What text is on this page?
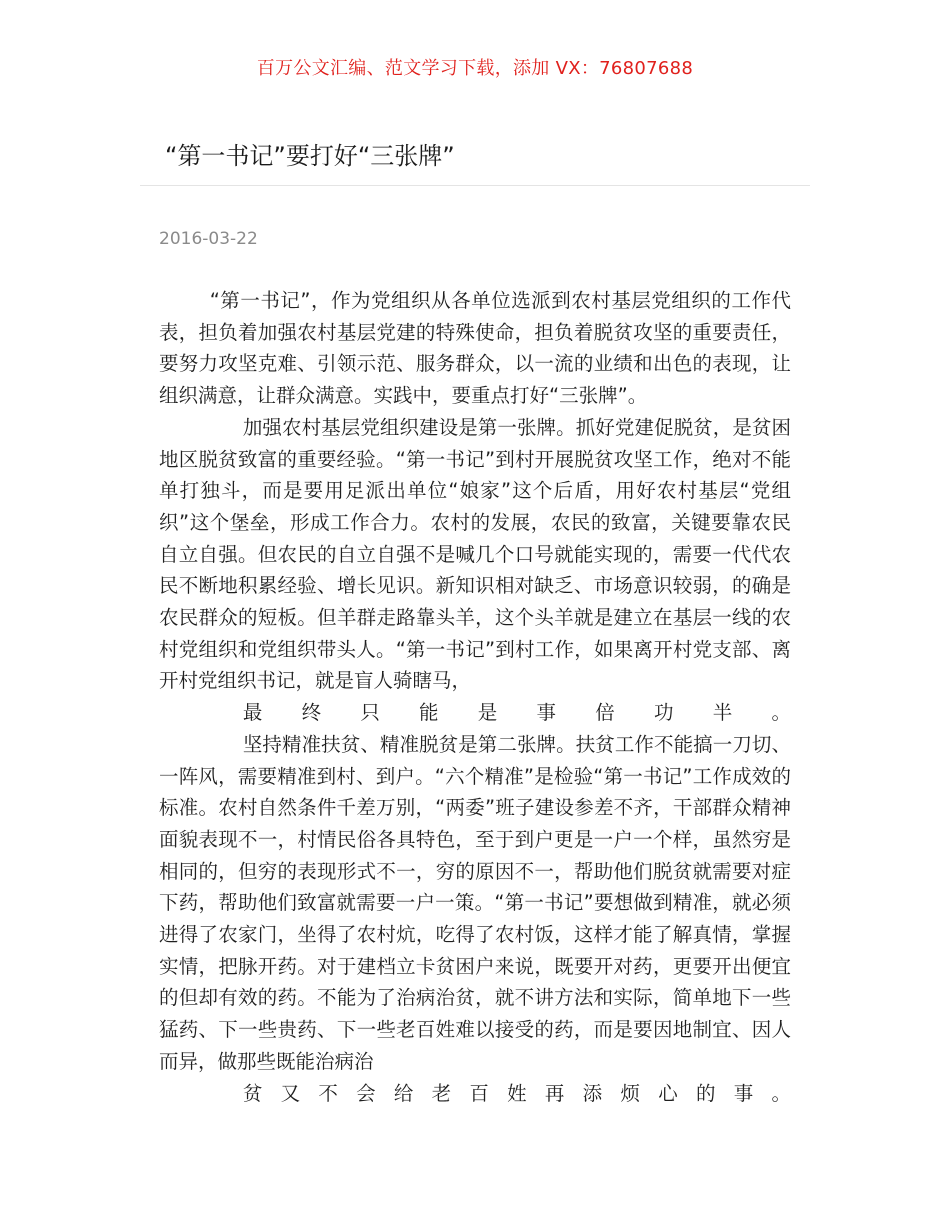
百万公文汇编、范文学习下载，添加 VX：76807688
“第一书记”要打好“三张牌”
2016-03-22

“第一书记”，作为党组织从各单位选派到农村基层党组织的工作代表，担负着加强农村基层党建的特殊使命，担负着脱贫攻坚的重要责任，要努力攻坚克难、引领示范、服务群众，以一流的业绩和出色的表现，让组织满意，让群众满意。实践中，要重点打好“三张牌”。

加强农村基层党组织建设是第一张牌。抓好党建促脱贫，是贫困地区脱贫致富的重要经验。“第一书记”到村开展脱贫攻坚工作，绝对不能单打独斗，而是要用足派出单位“娘家”这个后盾，用好农村基层“党组织”这个堡垒，形成工作合力。农村的发展，农民的致富，关键要靠农民自立自强。但农民的自立自强不是喊几个口号就能实现的，需要一代代农民不断地积累经验、增长见识。新知识相对缺乏、市场意识较弱，的确是农民群众的短板。但羊群走路靠头羊，这个头羊就是建立在基层一线的农村党组织和党组织带头人。“第一书记”到村工作，如果离开村党支部、离开村党组织书记，就是盲人骑瞎马，
最终只能是事倍功半。

坚持精准扶贫、精准脱贫是第二张牌。扶贫工作不能搞一刀切、一阵风，需要精准到村、到户。“六个精准”是检验“第一书记”工作成效的标准。农村自然条件千差万别，“两委”班子建设参差不齐，干部群众精神面貌表现不一，村情民俗各具特色，至于到户更是一户一个样，虽然穷是相同的，但穷的表现形式不一，穷的原因不一，帮助他们脱贫就需要对症下药，帮助他们致富就需要一户一策。“第一书记”要想做到精准，就必须进得了农家门，坐得了农村炕，吃得了农村饭，这样才能了解真情，掌握实情，把脉开药。对于建档立卡贫困户来说，既要开对药，更要开出便宜的但却有效的药。不能为了治病治贫，就不讲方法和实际，简单地下一些猛药、下一些贵药、下一些老百姓难以接受的药，而是要因地制宜、因人而异，做那些既能治病治
贫又不会给老百姓再添烦心的事。
